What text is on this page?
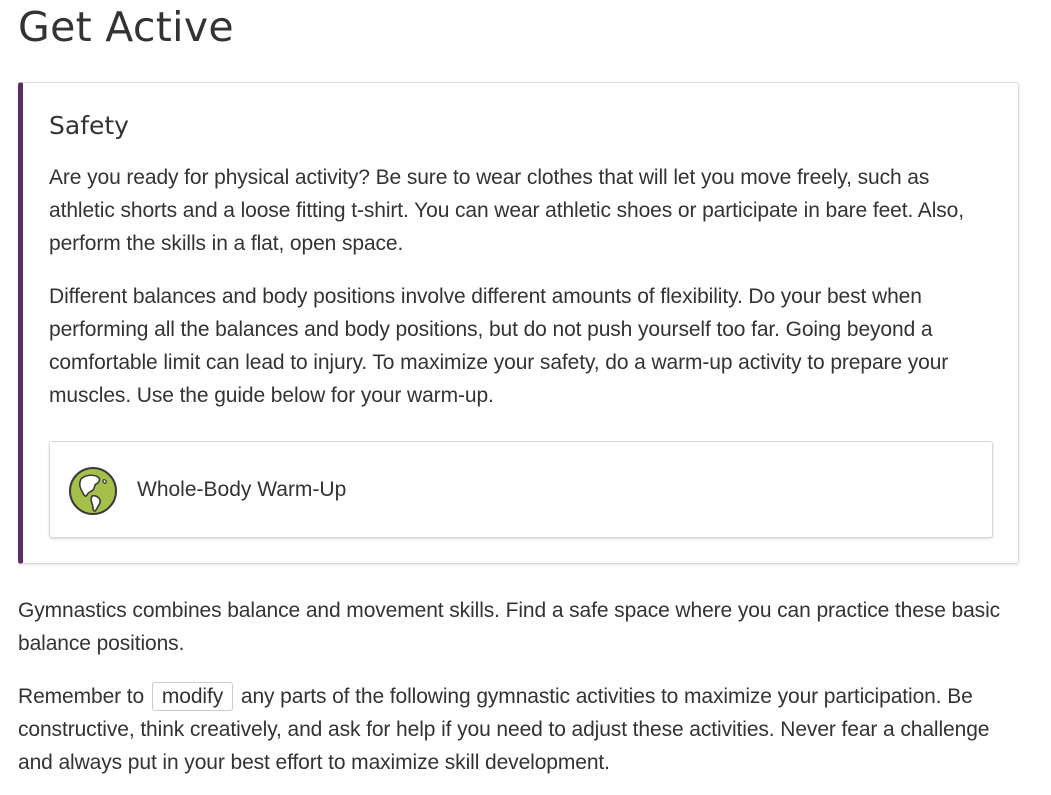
Get Active
Safety

Are you ready for physical activity? Be sure to wear clothes that will let you move freely, such as athletic shorts and a loose fitting t-shirt. You can wear athletic shoes or participate in bare feet. Also, perform the skills in a flat, open space.

Different balances and body positions involve different amounts of flexibility. Do your best when performing all the balances and body positions, but do not push yourself too far. Going beyond a comfortable limit can lead to injury. To maximize your safety, do a warm-up activity to prepare your muscles. Use the guide below for your warm-up.

Whole-Body Warm-Up

Gymnastics combines balance and movement skills. Find a safe space where you can practice these basic balance positions.

Remember to modify any parts of the following gymnastic activities to maximize your participation. Be constructive, think creatively, and ask for help if you need to adjust these activities. Never fear a challenge and always put in your best effort to maximize skill development.
